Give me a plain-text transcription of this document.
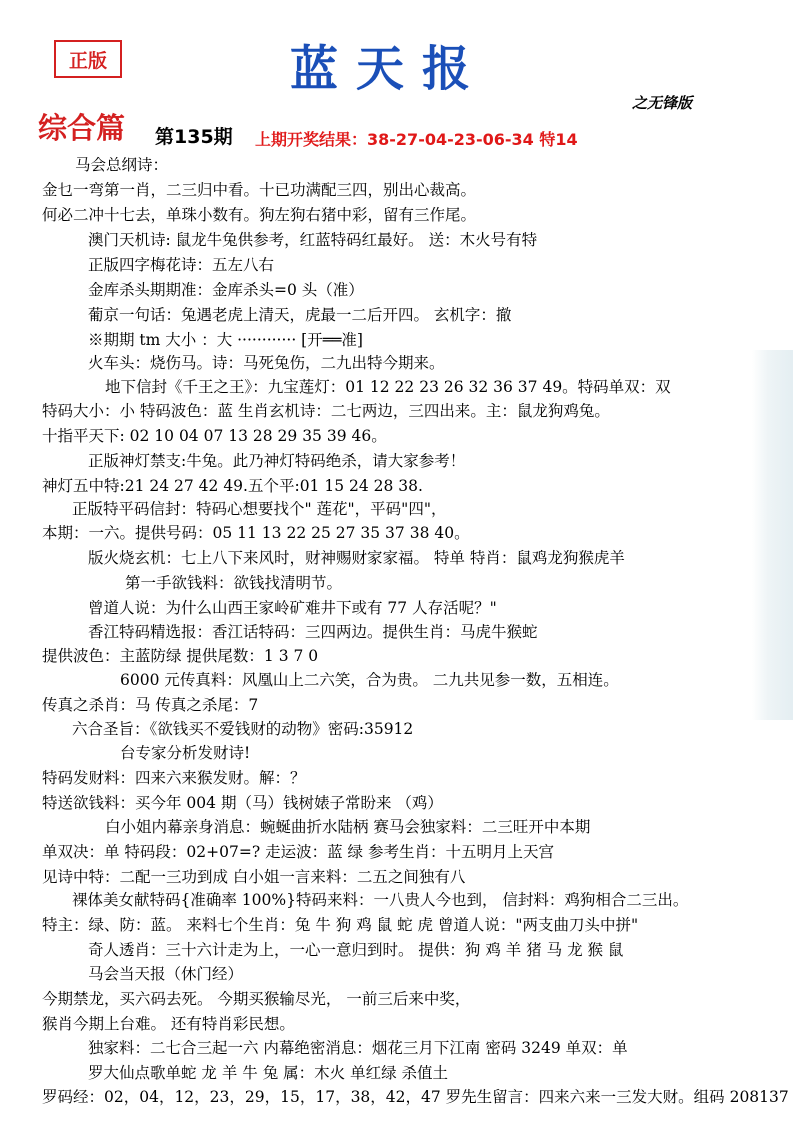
正版	蓝天报
之无锋版
综合篇 第135期 上期开奖结果：38-27-04-23-06-34 特14
马会总纲诗：
金乜一弯第一肖，二三归中看。十已功满配三四，别出心裁高。
何必二冲十七去，单珠小数有。狗左狗右猪中彩，留有三作尾。
澳门天机诗: 鼠龙牛兔供参考，红蓝特码红最好。 送：木火号有特
正版四字梅花诗：五左八右
金库杀头期期准：金库杀头=0 头（准）
葡京一句话：兔遇老虎上清天，虎最一二后开四。 玄机字：撤
※期期 tm 大小 ：大 ············ [开══准]
火车头：烧伤马。诗：马死兔伤，二九出特今期来。
地下信封《千王之王》：九宝莲灯：01 12 22 23 26 32 36 37 49。特码单双：双
特码大小：小 特码波色：蓝 生肖玄机诗：二七两边，三四出来。主：鼠龙狗鸡兔。
十指平天下: 02 10 04 07 13 28 29 35 39 46。
正版神灯禁支:牛兔。此乃神灯特码绝杀，请大家参考！
神灯五中特:21 24 27 42 49.五个平:01 15 24 28 38.
正版特平码信封：特码心想要找个" 莲花"，平码"四"，
本期：一六。提供号码：05 11 13 22 25 27 35 37 38 40。
版火烧玄机：七上八下来风时，财神赐财家家福。 特单 特肖：鼠鸡龙狗猴虎羊
第一手欲钱料：欲钱找清明节。
曾道人说：为什么山西王家岭矿难井下或有 77 人存活呢？"
香江特码精选报：香江话特码：三四两边。提供生肖：马虎牛猴蛇
提供波色：主蓝防绿 提供尾数：1 3 7 0
6000 元传真料：风凰山上二六笑，合为贵。 二九共见参一数，五相连。
传真之杀肖：马 传真之杀尾：7
六合圣旨：《欲钱买不爱钱财的动物》密码:35912
台专家分析发财诗!
特码发财料：四来六来猴发财。解：？
特送欲钱料：买今年 004 期（马）钱树婊子常盼来 （鸡）
白小姐内幕亲身消息：蜿蜒曲折水陆柄 赛马会独家料：二三旺开中本期
单双决：单 特码段：02+07=? 走运波：蓝 绿 参考生肖：十五明月上天宫
见诗中特：二配一三功到成 白小姐一言来料：二五之间独有八
裸体美女献特码{准确率 100%}特码来料：一八贵人今也到， 信封料：鸡狗相合二三出。
特主：绿、防：蓝。 来料七个生肖：兔 牛 狗 鸡 鼠 蛇 虎 曾道人说："两支曲刀头中拼"
奇人透肖：三十六计走为上，一心一意归到时。 提供：狗 鸡 羊 猪 马 龙 猴 鼠
马会当天报（休门经）
今期禁龙，买六码去死。 今期买猴输尽光， 一前三后来中奖，
猴肖今期上台难。 还有特肖彩民想。
独家料：二七合三起一六 内幕绝密消息：烟花三月下江南 密码 3249 单双：单
罗大仙点歌单蛇 龙 羊 牛 兔 属：木火 单红绿 杀值土
罗码经：02，04，12，23，29，15，17，38，42，47 罗先生留言：四来六来一三发大财。组码 208137
